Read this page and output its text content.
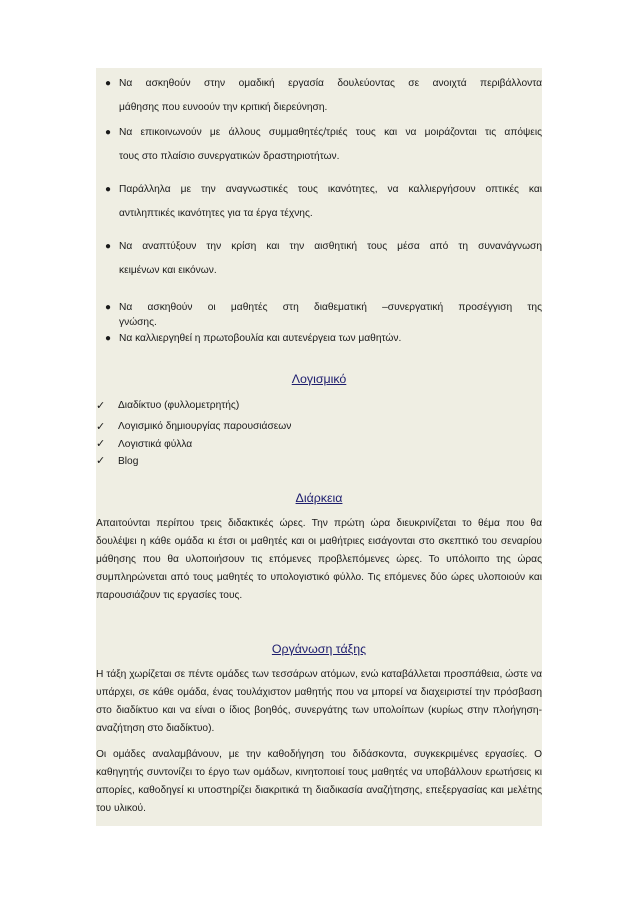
● Να ασκηθούν στην ομαδική εργασία δουλεύοντας σε ανοιχτά περιβάλλοντα
μάθησης που ευνοούν την κριτική διερεύνηση.
● Να επικοινωνούν με άλλους συμμαθητές/τριές τους και να μοιράζονται τις απόψεις
τους στο πλαίσιο συνεργατικών δραστηριοτήτων.
● Παράλληλα με την αναγνωστικές τους ικανότητες, να καλλιεργήσουν οπτικές και
αντιληπτικές ικανότητες για τα έργα τέχνης.
● Να αναπτύξουν την κρίση και την αισθητική τους μέσα από τη συνανάγνωση
κειμένων και εικόνων.
● Να ασκηθούν οι μαθητές στη διαθεματική –συνεργατική προσέγγιση της
γνώσης.
● Να καλλιεργηθεί η πρωτοβουλία και αυτενέργεια των μαθητών.
Λογισμικό
✓ Διαδίκτυο (φυλλομετρητής)
✓ Λογισμικό δημιουργίας παρουσιάσεων
✓ Λογιστικά φύλλα
✓ Blog
Διάρκεια

Απαιτούνται περίπου τρεις διδακτικές ώρες. Την πρώτη ώρα διευκρινίζεται το θέμα που θα δουλέψει η κάθε ομάδα κι έτσι οι μαθητές και οι μαθήτριες εισάγονται στο σκεπτικό του σεναρίου μάθησης που θα υλοποιήσουν τις επόμενες προβλεπόμενες ώρες. Το υπόλοιπο της ώρας συμπληρώνεται από τους μαθητές το υπολογιστικό φύλλο. Τις επόμενες δύο ώρες υλοποιούν και παρουσιάζουν τις εργασίες τους.

Οργάνωση τάξης

Η τάξη χωρίζεται σε πέντε ομάδες των τεσσάρων ατόμων, ενώ καταβάλλεται προσπάθεια, ώστε να υπάρχει, σε κάθε ομάδα, ένας τουλάχιστον μαθητής που να μπορεί να διαχειριστεί την πρόσβαση στο διαδίκτυο και να είναι ο ίδιος βοηθός, συνεργάτης των υπολοίπων (κυρίως στην πλοήγηση-αναζήτηση στο διαδίκτυο).

Οι ομάδες αναλαμβάνουν, με την καθοδήγηση του διδάσκοντα, συγκεκριμένες εργασίες. Ο καθηγητής συντονίζει το έργο των ομάδων, κινητοποιεί τους μαθητές να υποβάλλουν ερωτήσεις κι απορίες, καθοδηγεί κι υποστηρίζει διακριτικά τη διαδικασία αναζήτησης, επεξεργασίας και μελέτης του υλικού.
